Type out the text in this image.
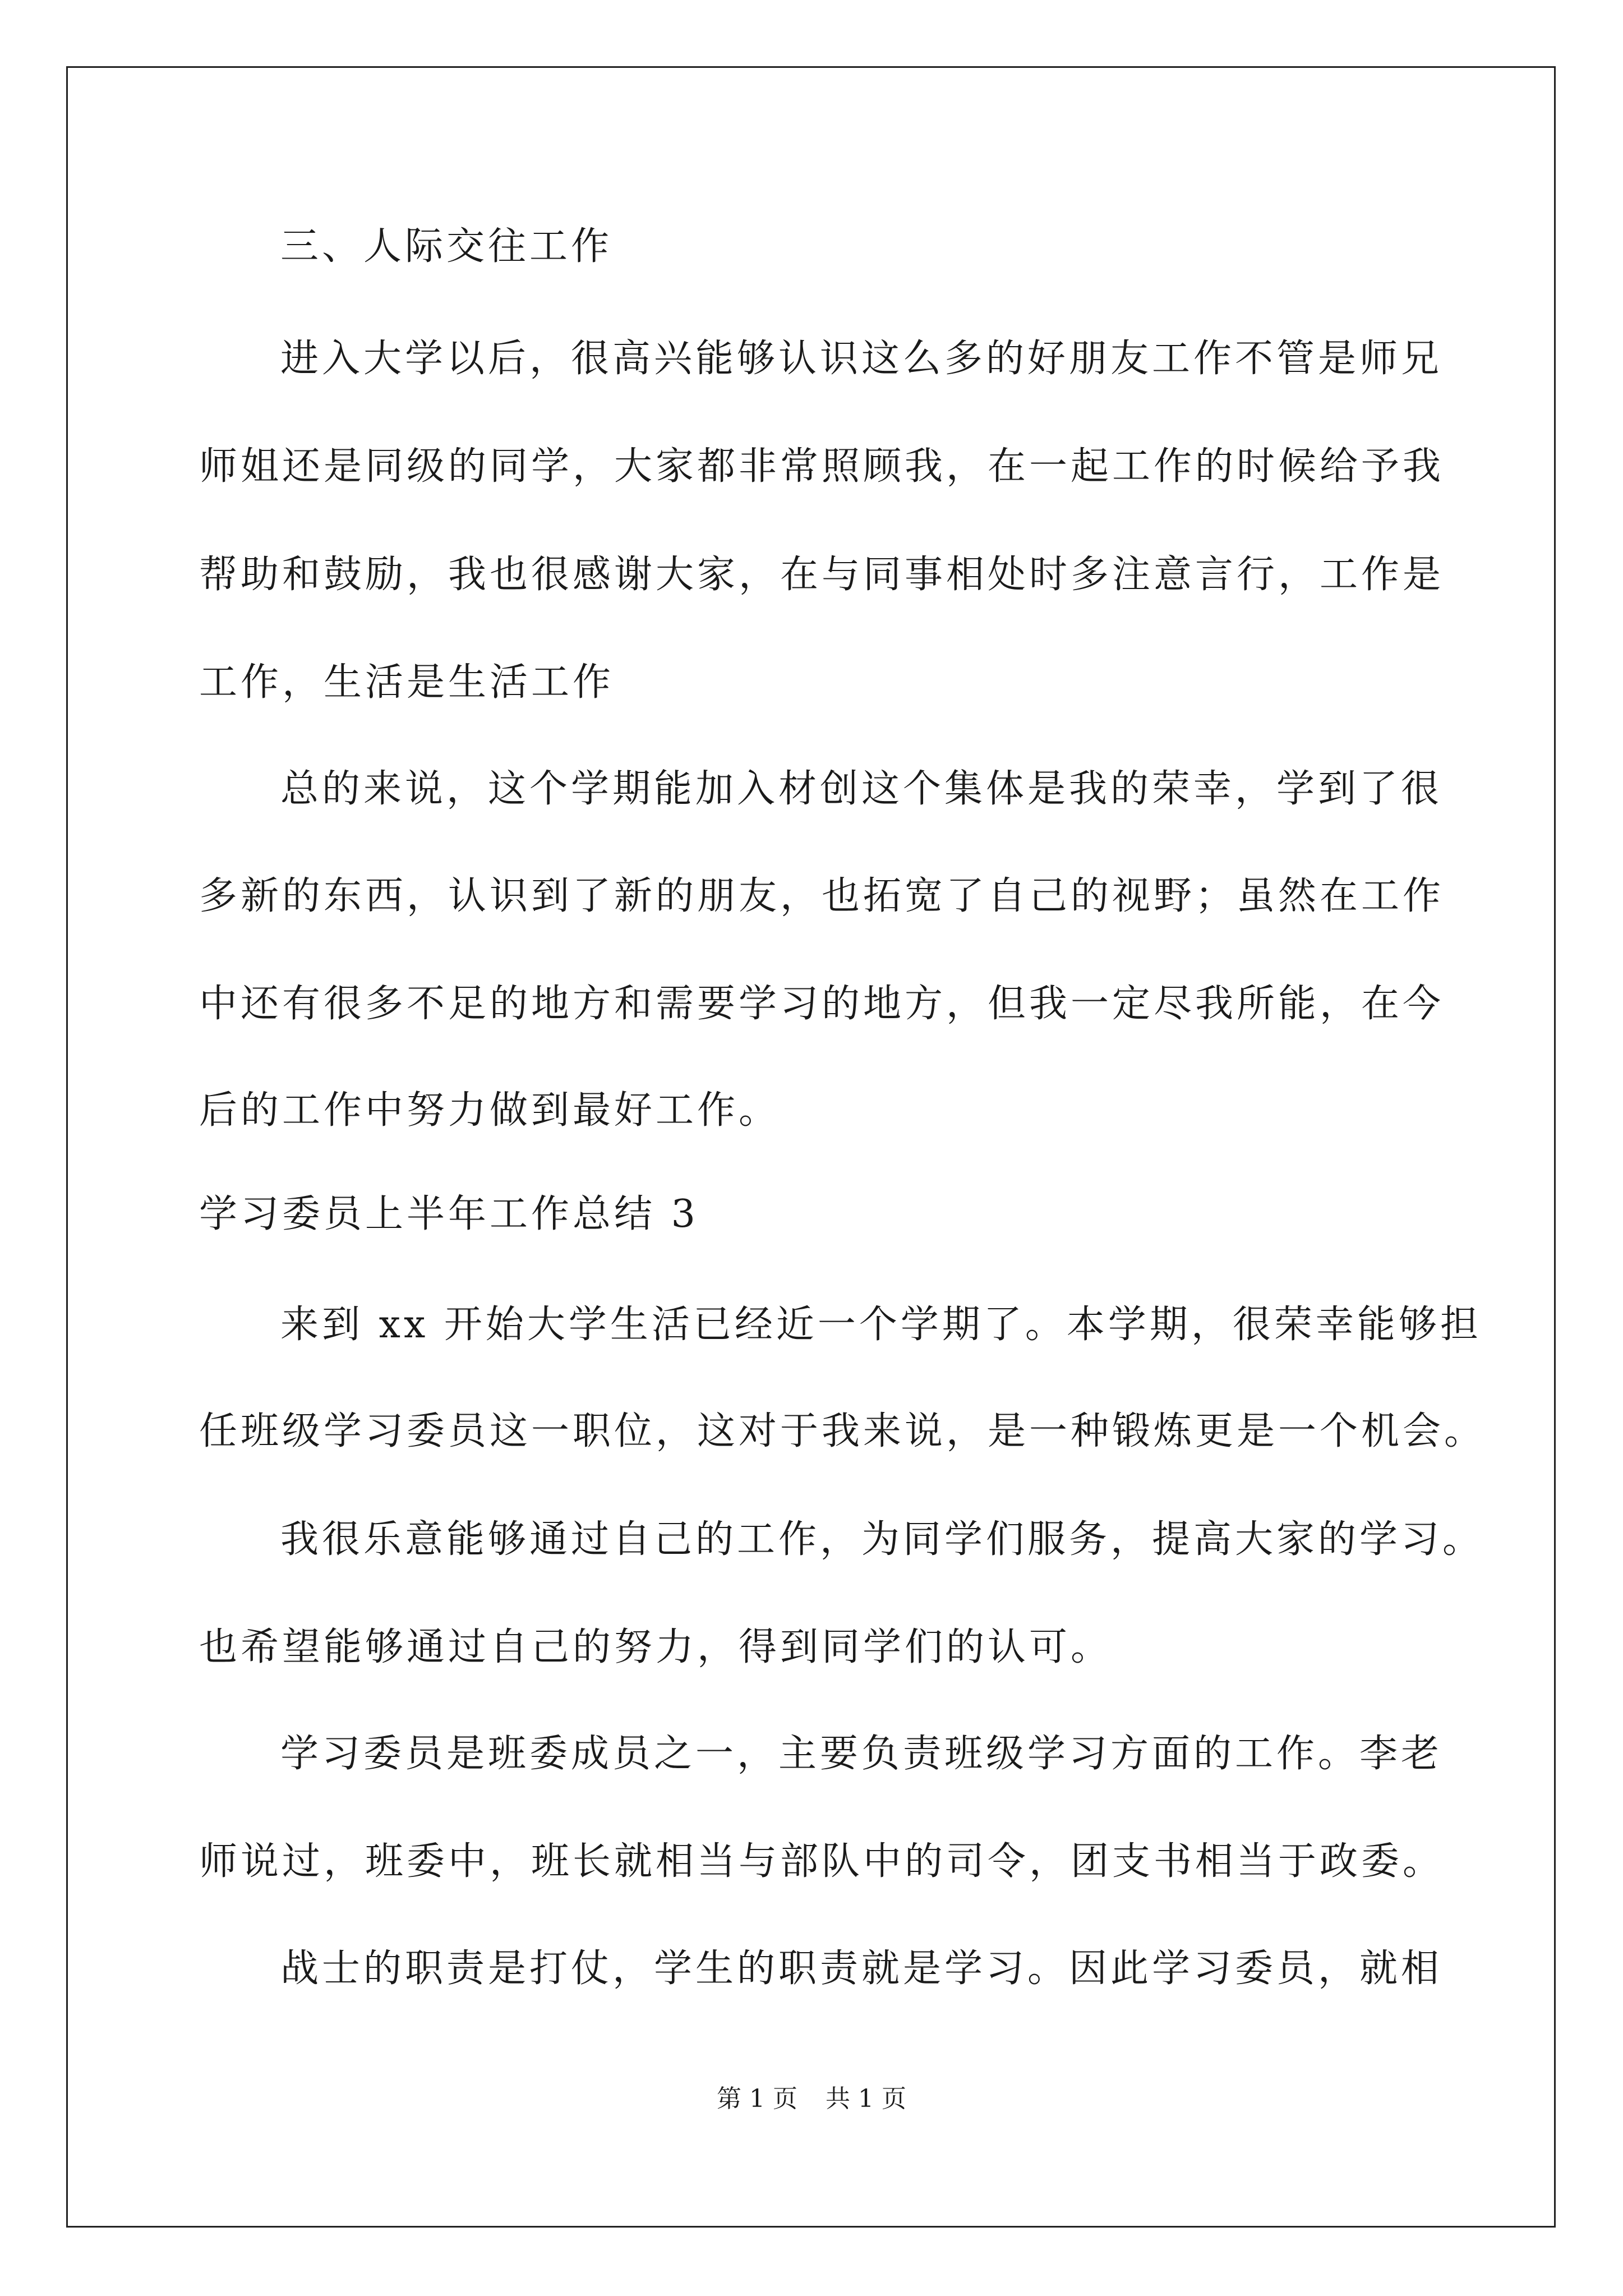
三、人际交往工作
进入大学以后，很高兴能够认识这么多的好朋友工作不管是师兄
师姐还是同级的同学，大家都非常照顾我，在一起工作的时候给予我
帮助和鼓励，我也很感谢大家，在与同事相处时多注意言行，工作是
工作，生活是生活工作
总的来说，这个学期能加入材创这个集体是我的荣幸，学到了很
多新的东西，认识到了新的朋友，也拓宽了自己的视野；虽然在工作
中还有很多不足的地方和需要学习的地方，但我一定尽我所能，在今
后的工作中努力做到最好工作。
学习委员上半年工作总结 3
来到 xx 开始大学生活已经近一个学期了。本学期，很荣幸能够担
任班级学习委员这一职位，这对于我来说，是一种锻炼更是一个机会。
我很乐意能够通过自己的工作，为同学们服务，提高大家的学习。
也希望能够通过自己的努力，得到同学们的认可。
学习委员是班委成员之一，主要负责班级学习方面的工作。李老
师说过，班委中，班长就相当与部队中的司令，团支书相当于政委。
战士的职责是打仗，学生的职责就是学习。因此学习委员，就相
第 1 页 共 1 页
